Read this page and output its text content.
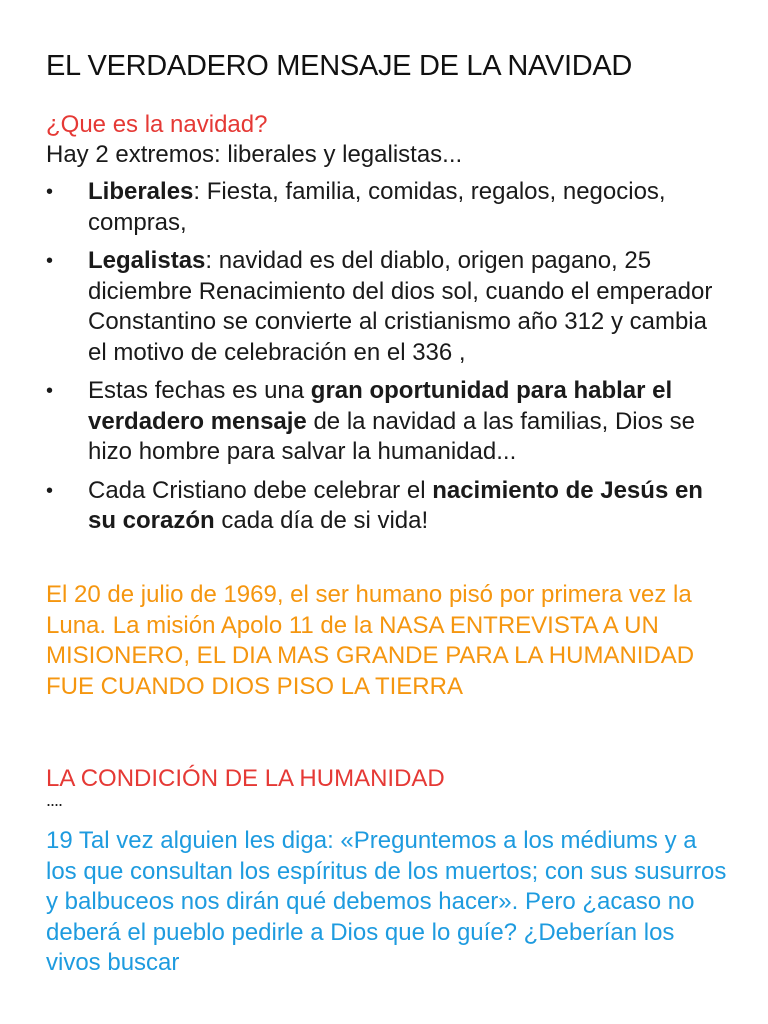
EL VERDADERO MENSAJE DE LA NAVIDAD
¿Que es la navidad?
Hay 2 extremos: liberales y legalistas...
•	Liberales: Fiesta, familia, comidas, regalos, negocios, compras,
•	Legalistas: navidad es del diablo, origen pagano, 25 diciembre Renacimiento del dios sol, cuando el emperador Constantino se convierte al cristianismo año 312 y cambia el motivo de celebración en el 336 ,
•	Estas fechas es una gran oportunidad para hablar el verdadero mensaje de la navidad a las familias, Dios se hizo hombre para salvar la humanidad...
•	Cada Cristiano debe celebrar el nacimiento de Jesús en su corazón cada día de si vida!
El 20 de julio de 1969, el ser humano pisó por primera vez la Luna. La misión Apolo 11 de la NASA ENTREVISTA A UN MISIONERO, EL DIA MAS GRANDE PARA LA HUMANIDAD FUE CUANDO DIOS PISO LA TIERRA
LA CONDICIÓN DE LA HUMANIDAD
....
19 Tal vez alguien les diga: «Preguntemos a los médiums y a los que consultan los espíritus de los muertos; con sus susurros y balbuceos nos dirán qué debemos hacer». Pero ¿acaso no deberá el pueblo pedirle a Dios que lo guíe? ¿Deberían los vivos buscar
